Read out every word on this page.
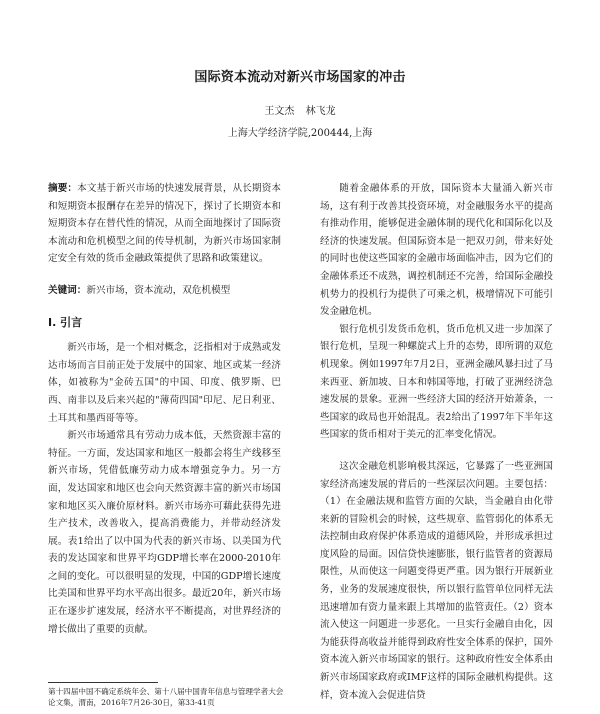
国际资本流动对新兴市场国家的冲击
王文杰 林飞龙
上海大学经济学院,200444,上海

摘要：本文基于新兴市场的快速发展背景，从长期资本和短期资本报酬存在差异的情况下，探讨了长期资本和短期资本存在替代性的情况，从而全面地探讨了国际资本流动和危机模型之间的传导机制，为新兴市场国家制定安全有效的货币金融政策提供了思路和政策建议。

关键词：新兴市场，资本流动，双危机模型

I. 引言

新兴市场，是一个相对概念，泛指相对于成熟或发达市场而言目前正处于发展中的国家、地区或某一经济体，如被称为"金砖五国"的中国、印度、俄罗斯、巴西、南非以及后来兴起的"薄荷四国"印尼、尼日利亚、土耳其和墨西哥等等。

新兴市场通常具有劳动力成本低，天然资源丰富的特征。一方面，发达国家和地区一般都会将生产线移至新兴市场，凭借低廉劳动力成本增强竞争力。另一方面，发达国家和地区也会向天然资源丰富的新兴市场国家和地区买入廉价原材料。新兴市场亦可藉此获得先进生产技术，改善收入，提高消费能力，并带动经济发展。表1给出了以中国为代表的新兴市场、以美国为代表的发达国家和世界平均GDP增长率在2000-2010年之间的变化。可以很明显的发现，中国的GDP增长速度比美国和世界平均水平高出很多。最近20年，新兴市场正在逐步扩速发展，经济水平不断提高，对世界经济的增长做出了重要的贡献。

随着金融体系的开放，国际资本大量涌入新兴市场，这有利于改善其投资环境，对金融服务水平的提高有推动作用，能够促进金融体制的现代化和国际化以及经济的快速发展。但国际资本是一把双刃剑，带来好处的同时也使这些国家的金融市场面临冲击，因为它们的金融体系还不成熟，调控机制还不完善，给国际金融投机势力的投机行为提供了可乘之机，极增情况下可能引发金融危机。

银行危机引发货币危机，货币危机又进一步加深了银行危机，呈现一种螺旋式上升的态势，即所谓的双危机现象。例如1997年7月2日，亚洲金融风暴扫过了马来西亚、新加坡、日本和韩国等地，打破了亚洲经济急速发展的景象。亚洲一些经济大国的经济开始萧条，一些国家的政局也开始混乱。表2给出了1997年下半年这些国家的货币相对于美元的汇率变化情况。

这次金融危机影响极其深远，它暴露了一些亚洲国家经济高速发展的背后的一些深层次问题。主要包括：（1）在金融法规和监管方面的欠缺，当金融自由化带来新的冒险机会的时候，这些规章、监管弱化的体系无法控制由政府保护体系造成的道德风险，并形成承担过度风险的局面。因信贷快速膨胀，银行监管者的资源局限性，从而使这一问题变得更严重。因为银行开展新业务，业务的发展速度很快，所以银行监管单位同样无法迅速增加有资力量来跟上其增加的监管责任。（2）资本流入使这一问题进一步恶化。一旦实行金融自由化，因为能获得高收益并能得到政府性安全体系的保护，国外资本流入新兴市场国家的银行。这种政府性安全体系由新兴市场国家政府或IMF这样的国际金融机构提供。这样，资本流入会促进信贷

第十四届中国不确定系统年会、第十八届中国青年信息与管理学者大会论文集，渭南，2016年7月26-30日，第33-41页
